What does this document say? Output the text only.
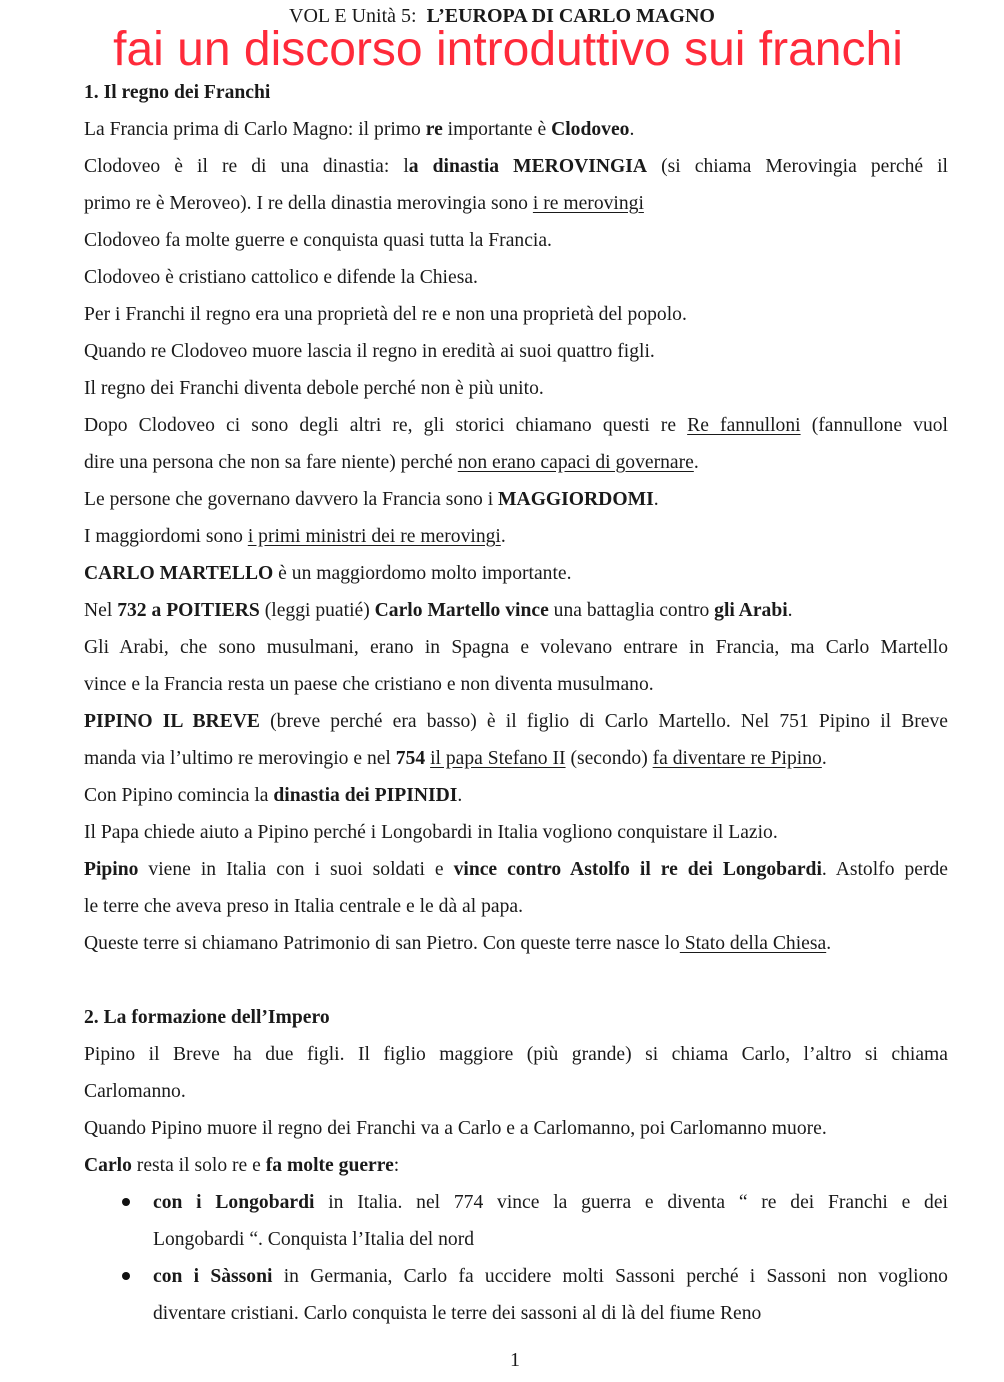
VOL E Unità 5: L’EUROPA DI CARLO MAGNO
fai un discorso introduttivo sui franchi
1. Il regno dei Franchi
La Francia prima di Carlo Magno: il primo re importante è Clodoveo.
Clodoveo è il re di una dinastia: la dinastia MEROVINGIA (si chiama Merovingia perché il
primo re è Meroveo). I re della dinastia merovingia sono i re merovingi
Clodoveo fa molte guerre e conquista quasi tutta la Francia.
Clodoveo è cristiano cattolico e difende la Chiesa.
Per i Franchi il regno era una proprietà del re e non una proprietà del popolo.
Quando re Clodoveo muore lascia il regno in eredità ai suoi quattro figli.
Il regno dei Franchi diventa debole perché non è più unito.
Dopo Clodoveo ci sono degli altri re, gli storici chiamano questi re Re fannulloni (fannullone vuol
dire una persona che non sa fare niente) perché non erano capaci di governare.
Le persone che governano davvero la Francia sono i MAGGIORDOMI.
I maggiordomi sono i primi ministri dei re merovingi.
CARLO MARTELLO è un maggiordomo molto importante.
Nel 732 a POITIERS (leggi puatié) Carlo Martello vince una battaglia contro gli Arabi.
Gli Arabi, che sono musulmani, erano in Spagna e volevano entrare in Francia, ma Carlo Martello
vince e la Francia resta un paese che cristiano e non diventa musulmano.
PIPINO IL BREVE (breve perché era basso) è il figlio di Carlo Martello. Nel 751 Pipino il Breve
manda via l’ultimo re merovingio e nel 754 il papa Stefano II (secondo) fa diventare re Pipino.
Con Pipino comincia la dinastia dei PIPINIDI.
Il Papa chiede aiuto a Pipino perché i Longobardi in Italia vogliono conquistare il Lazio.
Pipino viene in Italia con i suoi soldati e vince contro Astolfo il re dei Longobardi. Astolfo perde
le terre che aveva preso in Italia centrale e le dà al papa.
Queste terre si chiamano Patrimonio di san Pietro. Con queste terre nasce lo Stato della Chiesa.
2. La formazione dell’Impero
Pipino il Breve ha due figli. Il figlio maggiore (più grande) si chiama Carlo, l’altro si chiama
Carlomanno.
Quando Pipino muore il regno dei Franchi va a Carlo e a Carlomanno, poi Carlomanno muore.
Carlo resta il solo re e fa molte guerre:
con i Longobardi in Italia. nel 774 vince la guerra e diventa “ re dei Franchi e dei
Longobardi “. Conquista l’Italia del nord
con i Sàssoni in Germania, Carlo fa uccidere molti Sassoni perché i Sassoni non vogliono
diventare cristiani. Carlo conquista le terre dei sassoni al di là del fiume Reno
1
